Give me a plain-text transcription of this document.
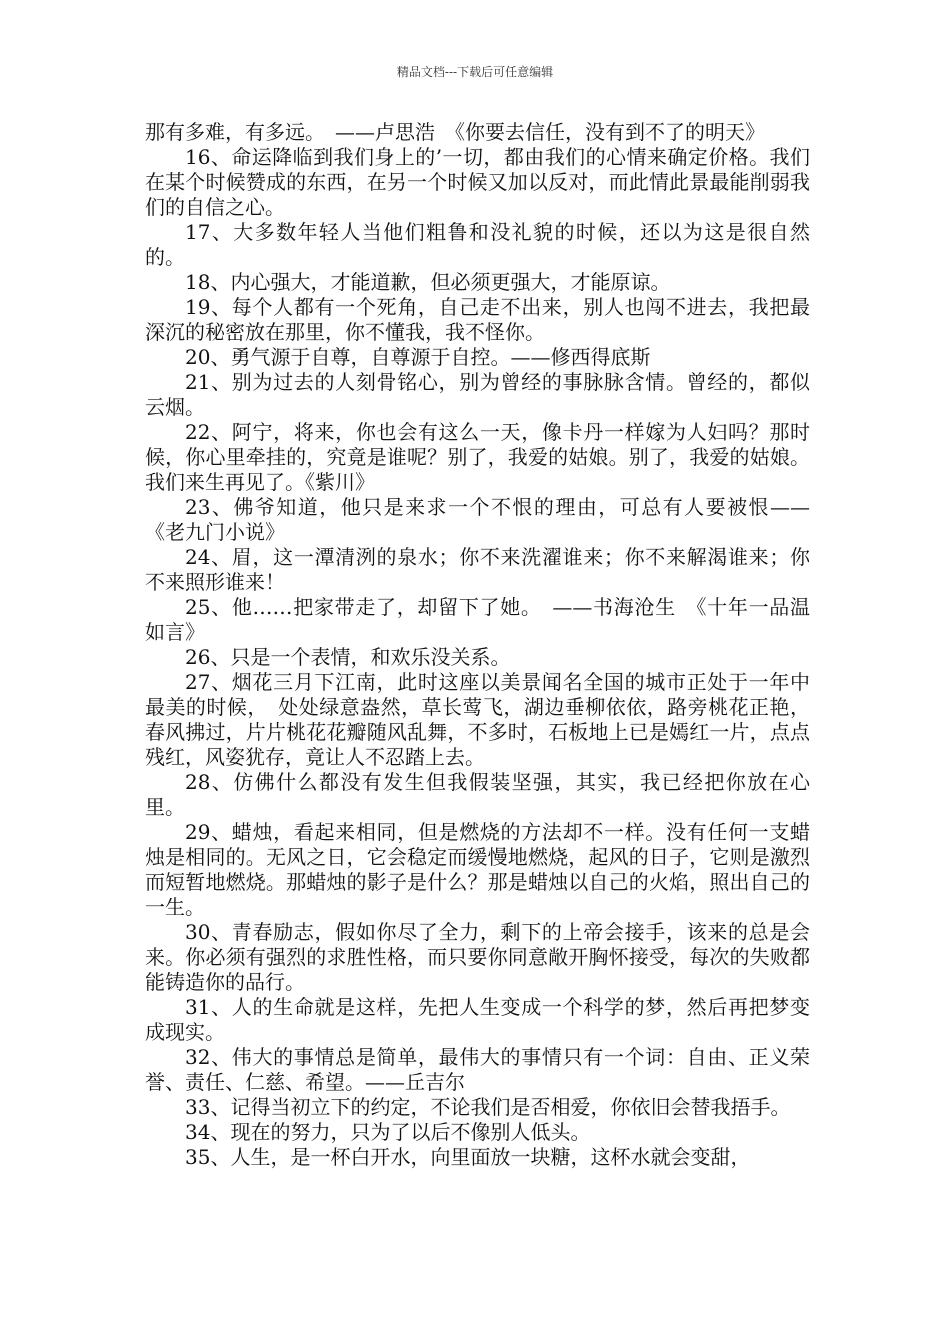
精品文档---下载后可任意编辑

那有多难，有多远。　——卢思浩　《你要去信任，没有到不了的明天》

16、命运降临到我们身上的’一切，都由我们的心情来确定价格。我们在某个时候赞成的东西，在另一个时候又加以反对，而此情此景最能削弱我们的自信之心。

17、大多数年轻人当他们粗鲁和没礼貌的时候，还以为这是很自然的。

18、内心强大，才能道歉，但必须更强大，才能原谅。

19、每个人都有一个死角，自己走不出来，别人也闯不进去，我把最深沉的秘密放在那里，你不懂我，我不怪你。

20、勇气源于自尊，自尊源于自控。——修西得底斯

21、别为过去的人刻骨铭心，别为曾经的事脉脉含情。曾经的，都似云烟。

22、阿宁，将来，你也会有这么一天，像卡丹一样嫁为人妇吗？那时候，你心里牵挂的，究竟是谁呢？别了，我爱的姑娘。别了，我爱的姑娘。我们来生再见了。《紫川》

23、佛爷知道，他只是来求一个不恨的理由，可总有人要被恨——《老九门小说》

24、眉，这一潭清洌的泉水；你不来洗濯谁来；你不来解渴谁来；你不来照形谁来！

25、他……把家带走了，却留下了她。　——书海沧生　《十年一品温如言》

26、只是一个表情，和欢乐没关系。

27、烟花三月下江南，此时这座以美景闻名全国的城市正处于一年中最美的时候，　处处绿意盎然，草长莺飞，湖边垂柳依依，路旁桃花正艳，春风拂过，片片桃花花瓣随风乱舞，不多时，石板地上已是嫣红一片，点点残红，风姿犹存，竟让人不忍踏上去。

28、仿佛什么都没有发生但我假装坚强，其实，我已经把你放在心里。

29、蜡烛，看起来相同，但是燃烧的方法却不一样。没有任何一支蜡烛是相同的。无风之日，它会稳定而缓慢地燃烧，起风的日子，它则是激烈而短暂地燃烧。那蜡烛的影子是什么？那是蜡烛以自己的火焰，照出自己的一生。

30、青春励志，假如你尽了全力，剩下的上帝会接手，该来的总是会来。你必须有强烈的求胜性格，而只要你同意敞开胸怀接受，每次的失败都能铸造你的品行。

31、人的生命就是这样，先把人生变成一个科学的梦，然后再把梦变成现实。

32、伟大的事情总是简单，最伟大的事情只有一个词：自由、正义荣誉、责任、仁慈、希望。——丘吉尔

33、记得当初立下的约定，不论我们是否相爱，你依旧会替我捂手。

34、现在的努力，只为了以后不像别人低头。

35、人生，是一杯白开水，向里面放一块糖，这杯水就会变甜，
